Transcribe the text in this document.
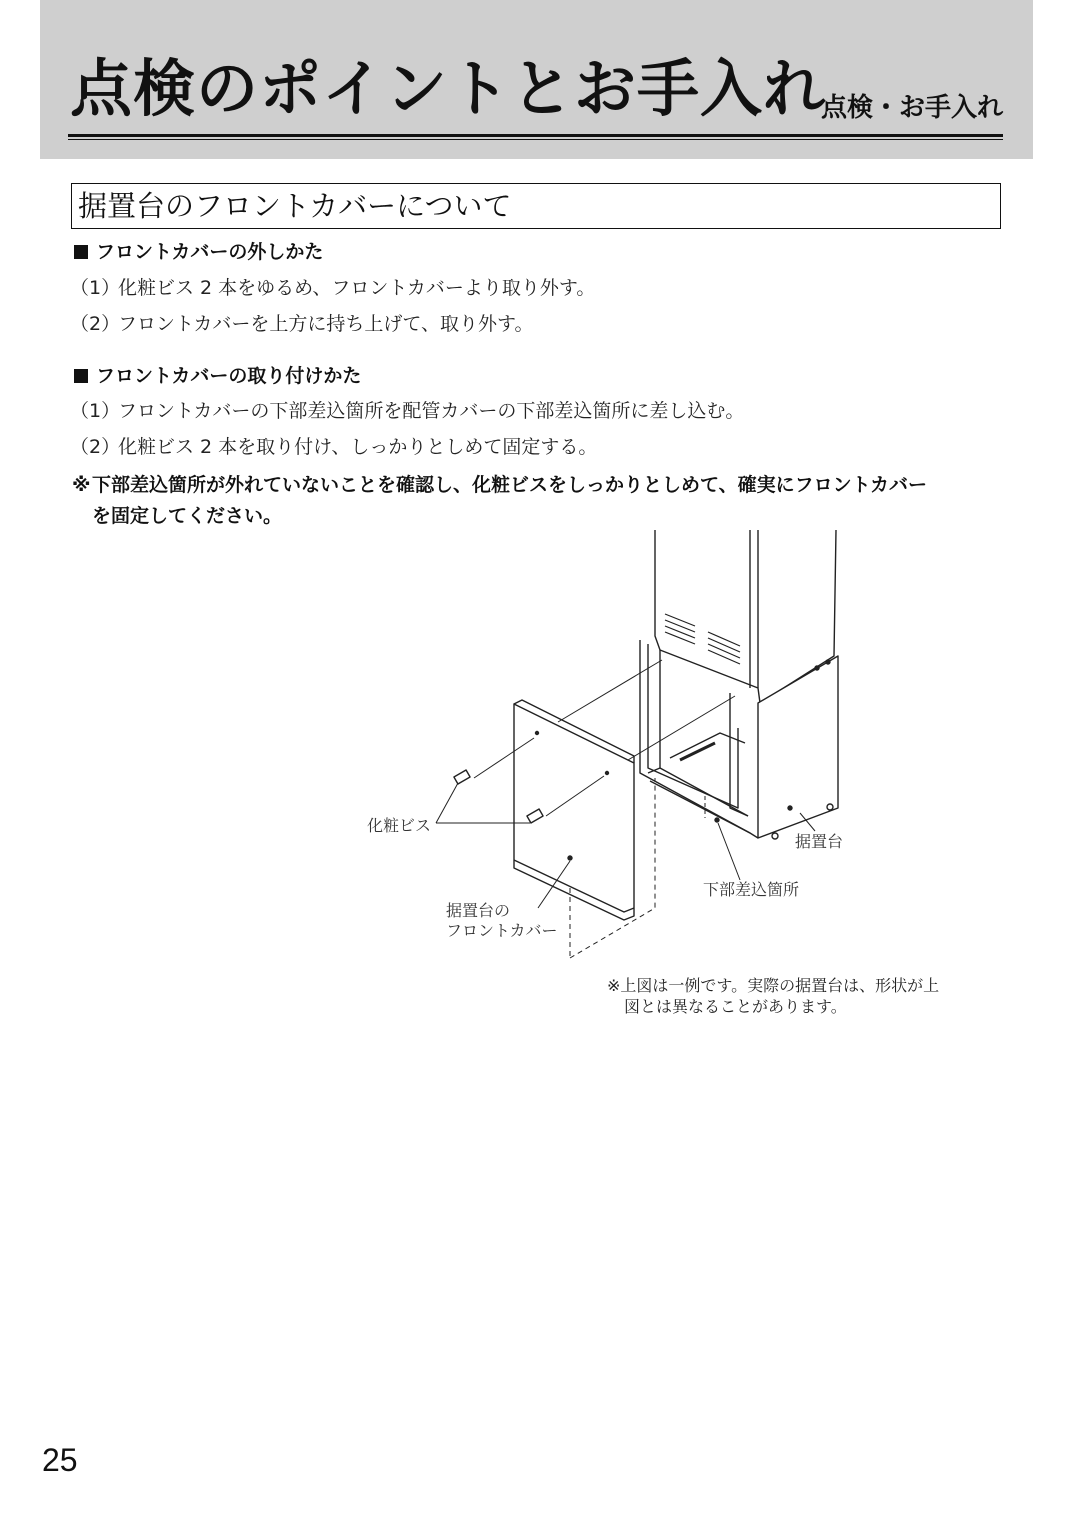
点検のポイントとお手入れ
点検・お手入れ
据置台のフロントカバーについて
フロントカバーの外しかた
（1）化粧ビス 2 本をゆるめ、フロントカバーより取り外す。
（2）フロントカバーを上方に持ち上げて、取り外す。
フロントカバーの取り付けかた
（1）フロントカバーの下部差込箇所を配管カバーの下部差込箇所に差し込む。
（2）化粧ビス 2 本を取り付け、しっかりとしめて固定する。
※下部差込箇所が外れていないことを確認し、化粧ビスをしっかりとしめて、確実にフロントカバー
を固定してください。
化粧ビス
据置台
下部差込箇所
据置台の
フロントカバー
※上図は一例です。実際の据置台は、形状が上
図とは異なることがあります。
25
